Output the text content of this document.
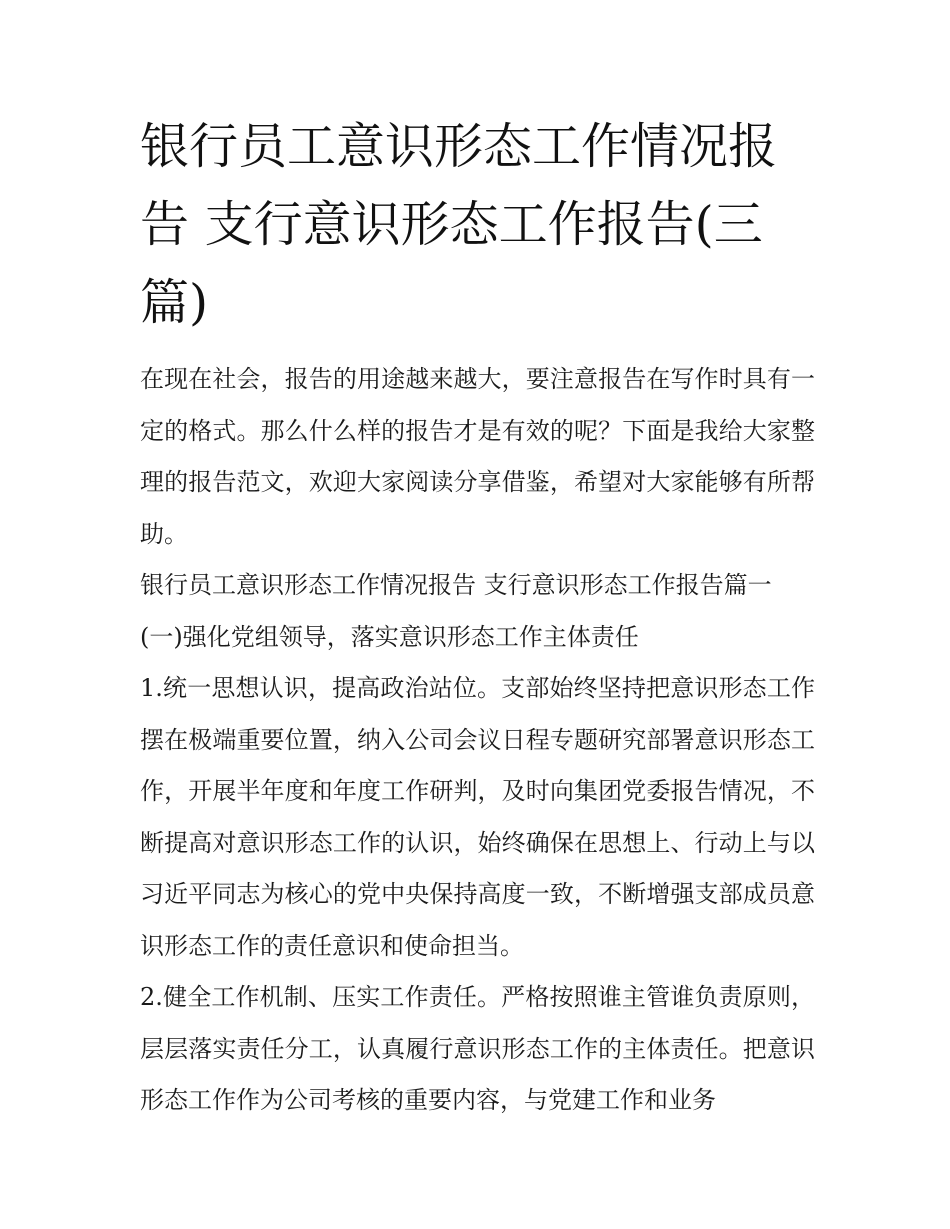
银行员工意识形态工作情况报告 支行意识形态工作报告(三篇)

在现在社会，报告的用途越来越大，要注意报告在写作时具有一定的格式。那么什么样的报告才是有效的呢？下面是我给大家整理的报告范文，欢迎大家阅读分享借鉴，希望对大家能够有所帮助。

银行员工意识形态工作情况报告 支行意识形态工作报告篇一

(一)强化党组领导，落实意识形态工作主体责任

1.统一思想认识，提高政治站位。支部始终坚持把意识形态工作摆在极端重要位置，纳入公司会议日程专题研究部署意识形态工作，开展半年度和年度工作研判，及时向集团党委报告情况，不断提高对意识形态工作的认识，始终确保在思想上、行动上与以习近平同志为核心的党中央保持高度一致，不断增强支部成员意识形态工作的责任意识和使命担当。

2.健全工作机制、压实工作责任。严格按照谁主管谁负责原则，层层落实责任分工，认真履行意识形态工作的主体责任。把意识形态工作作为公司考核的重要内容，与党建工作和业务
